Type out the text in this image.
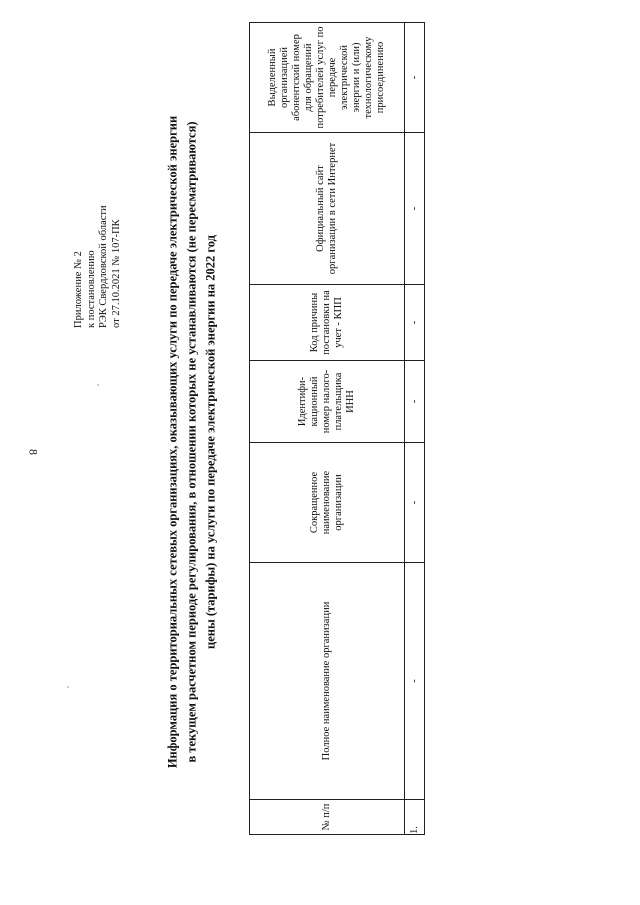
8
Приложение № 2 к постановлению РЭК Свердловской области от 27.10.2021 № 107-ПК	Информация о территориальных сетевых организациях, оказывающих услуги по передаче электрической энергии в текущем расчетном периоде регулирования, в отношении которых не устанавливаются (не пересматриваются) цены (тарифы) на услуги по передаче электрической энергии на 2022 год
№ п/п	Полное наименование организации	Сокращенное наименование организации	Идентифи-кационный номер налого-плательщика ИНН	Код причины постановки на учет - КПП	Официальный сайт организации в сети Интернет	Выделенный организацией абонентский номер для обращений потребителей услуг по передаче электрической энергии и (или) технологическому присоединению
1.	-	-	-	-	-	-
